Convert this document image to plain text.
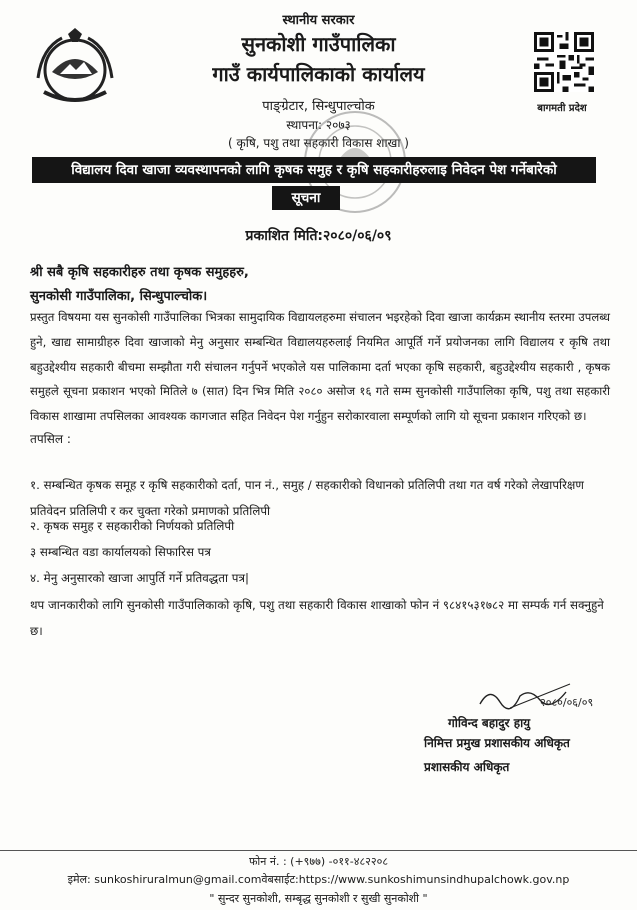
स्थानीय सरकार
सुनकोशी गाउँपालिका
गाउँ कार्यपालिकाको कार्यालय
पाङ्ग्रेटार, सिन्धुपाल्चोक
स्थापना: २०७३
( कृषि, पशु तथा सहकारी विकास शाखा )
बागमती प्रदेश
विद्यालय दिवा खाजा व्यवस्थापनको लागि कृषक समुह र कृषि सहकारीहरुलाइ निवेदन पेश गर्नेबारेको
सूचना
प्रकाशित मिति:२०८०/०६/०९
श्री सबै कृषि सहकारीहरु तथा कृषक समुहहरु,
सुनकोसी गाउँपालिका, सिन्धुपाल्चोक।
प्रस्तुत विषयमा यस सुनकोसी गाउँपालिका भित्रका सामुदायिक विद्यायलहरुमा संचालन भइरहेको दिवा खाजा कार्यक्रम स्थानीय स्तरमा उपलब्ध हुने, खाद्य सामाग्रीहरु दिवा खाजाको मेनु अनुसार सम्बन्धित विद्यालयहरुलाई नियमित आपूर्ति गर्ने प्रयोजनका लागि विद्यालय र कृषि तथा बहुउद्देश्यीय सहकारी बीचमा सम्झौता गरी संचालन गर्नुपर्ने भएकोले यस पालिकामा दर्ता भएका कृषि सहकारी, बहुउद्देश्यीय सहकारी , कृषक समुहले सूचना प्रकाशन भएको मितिले ७ (सात) दिन भित्र मिति २०८० असोज १६ गते सम्म सुनकोसी गाउँपालिका कृषि, पशु तथा सहकारी विकास शाखामा तपसिलका आवश्यक कागजात सहित निवेदन पेश गर्नुहुन सरोकारवाला सम्पूर्णको लागि यो सूचना प्रकाशन गरिएको छ।
तपसिल :
१. सम्बन्धित कृषक समूह र कृषि सहकारीको दर्ता, पान नं., समुह / सहकारीको विधानको प्रतिलिपी तथा गत वर्ष गरेको लेखापरिक्षण प्रतिवेदन प्रतिलिपी र कर चुक्ता गरेको प्रमाणको प्रतिलिपी
२. कृषक समुह र सहकारीको निर्णयको प्रतिलिपी
३ सम्बन्धित वडा कार्यालयको सिफारिस पत्र
४. मेनु अनुसारको खाजा आपुर्ति गर्ने प्रतिवद्धता पत्र|
थप जानकारीको लागि सुनकोसी गाउँपालिकाको कृषि, पशु तथा सहकारी विकास शाखाको फोन नं ९८४१५३१७८२ मा सम्पर्क गर्न सक्नुहुने छ।
२०८०/०६/०९
गोविन्द बहादुर हायु
निमित्त प्रमुख प्रशासकीय अधिकृत
प्रशासकीय अधिकृत
फोन नं. : (+९७७) -०११-४८२२०८
इमेल: sunkoshiruralmun@gmail.comवेबसाईट:https://www.sunkoshimunsindhupalchowk.gov.np
" सुन्दर सुनकोशी, सम्बृद्ध सुनकोशी र सुखी सुनकोशी "
